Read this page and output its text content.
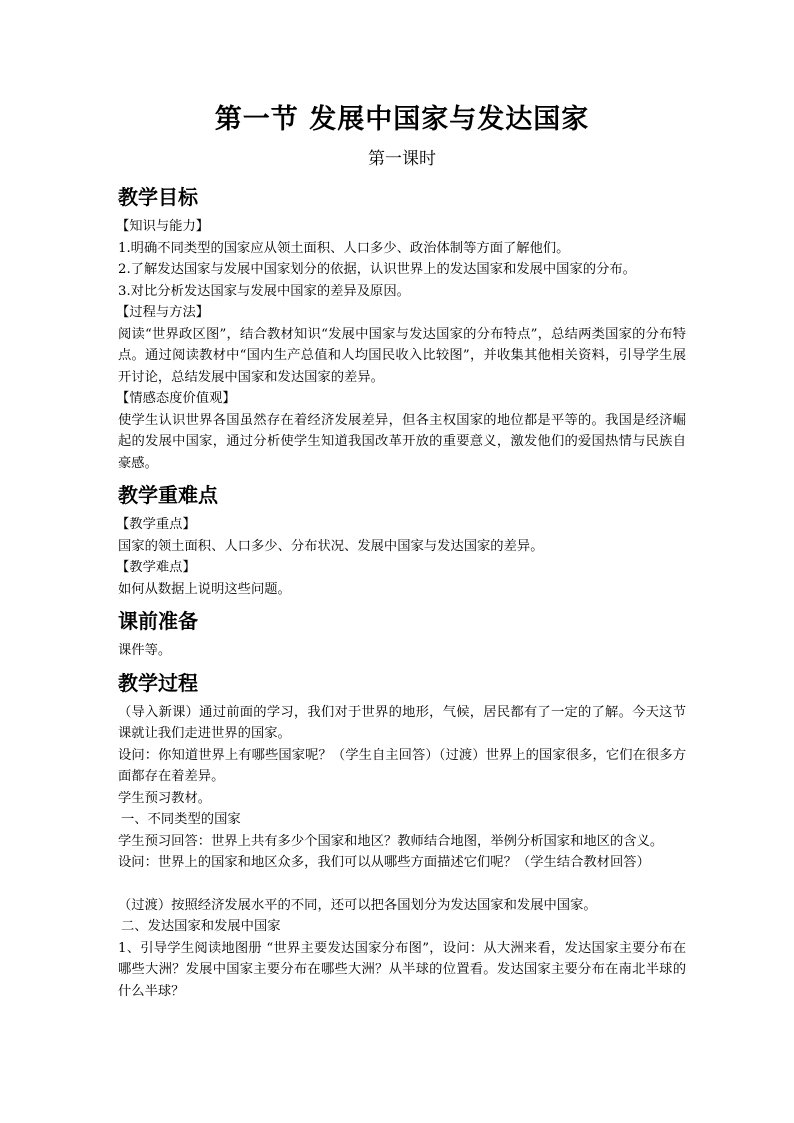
第一节 发展中国家与发达国家
第一课时
教学目标

【知识与能力】

1.明确不同类型的国家应从领土面积、人口多少、政治体制等方面了解他们。

2.了解发达国家与发展中国家划分的依据，认识世界上的发达国家和发展中国家的分布。

3.对比分析发达国家与发展中国家的差异及原因。

【过程与方法】

阅读“世界政区图”，结合教材知识“发展中国家与发达国家的分布特点”，总结两类国家的分布特点。通过阅读教材中“国内生产总值和人均国民收入比较图”，并收集其他相关资料，引导学生展开讨论，总结发展中国家和发达国家的差异。

【情感态度价值观】

使学生认识世界各国虽然存在着经济发展差异，但各主权国家的地位都是平等的。我国是经济崛起的发展中国家，通过分析使学生知道我国改革开放的重要意义，激发他们的爱国热情与民族自豪感。

教学重难点

【教学重点】

国家的领土面积、人口多少、分布状况、发展中国家与发达国家的差异。

【教学难点】

如何从数据上说明这些问题。

课前准备

课件等。

教学过程

（导入新课）通过前面的学习，我们对于世界的地形，气候，居民都有了一定的了解。今天这节课就让我们走进世界的国家。

设问：你知道世界上有哪些国家呢？（学生自主回答）（过渡）世界上的国家很多，它们在很多方面都存在着差异。

学生预习教材。

一、不同类型的国家

学生预习回答：世界上共有多少个国家和地区？教师结合地图，举例分析国家和地区的含义。

设问：世界上的国家和地区众多，我们可以从哪些方面描述它们呢？（学生结合教材回答）

（过渡）按照经济发展水平的不同，还可以把各国划分为发达国家和发展中国家。

二、发达国家和发展中国家

1、引导学生阅读地图册 “世界主要发达国家分布图”，设问：从大洲来看，发达国家主要分布在哪些大洲？发展中国家主要分布在哪些大洲？从半球的位置看。发达国家主要分布在南北半球的什么半球？
